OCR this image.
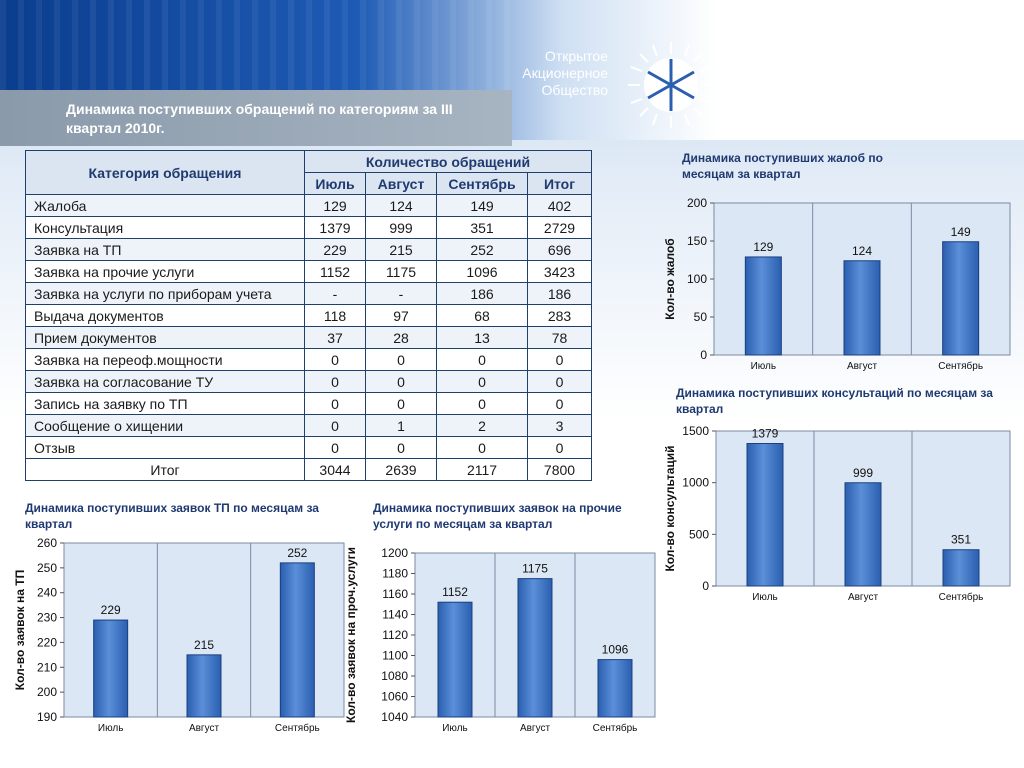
Динамика поступивших обращений по категориям за III квартал 2010г.
Открытое
Акционерное
Общество
Межрегиональная
распределительная сетевая
компания Сибири
Категория обращения	Количество обращений			
	Июль	Август	Сентябрь	Итог
Жалоба	129	124	149	402
Консультация	1379	999	351	2729
Заявка на ТП	229	215	252	696
Заявка на прочие услуги	1152	1175	1096	3423
Заявка на услуги по приборам учета	-	-	186	186
Выдача документов	118	97	68	283
Прием документов	37	28	13	78
Заявка на переоф.мощности	0	0	0	0
Заявка на согласование ТУ	0	0	0	0
Запись на заявку по ТП	0	0	0	0
Сообщение о хищении	0	1	2	3
Отзыв	0	0	0	0
Итог	3044	2639	2117	7800
Динамика поступивших жалоб по месяцам за квартал
0
50
100
150
200
Кол-во жалоб	129
Июль
124
Август
149
Сентябрь
Динамика поступивших консультаций по месяцам за квартал
0
500
1000
1500
Кол-во консультаций
1379
Июль
999
Август
351
Сентябрь
Динамика поступивших заявок ТП по месяцам за квартал
190
200
210
220
230
240
250
260
Кол-во заявок на ТП	229
Июль
215
Август
252
Сентябрь
Динамика поступивших заявок на прочие услуги по месяцам за квартал
1040
1060
1080
1100
1120
1140
1160
1180
1200
Кол-во заявок на проч.услуги	1152
Июль
1175
Август
1096
Сентябрь
